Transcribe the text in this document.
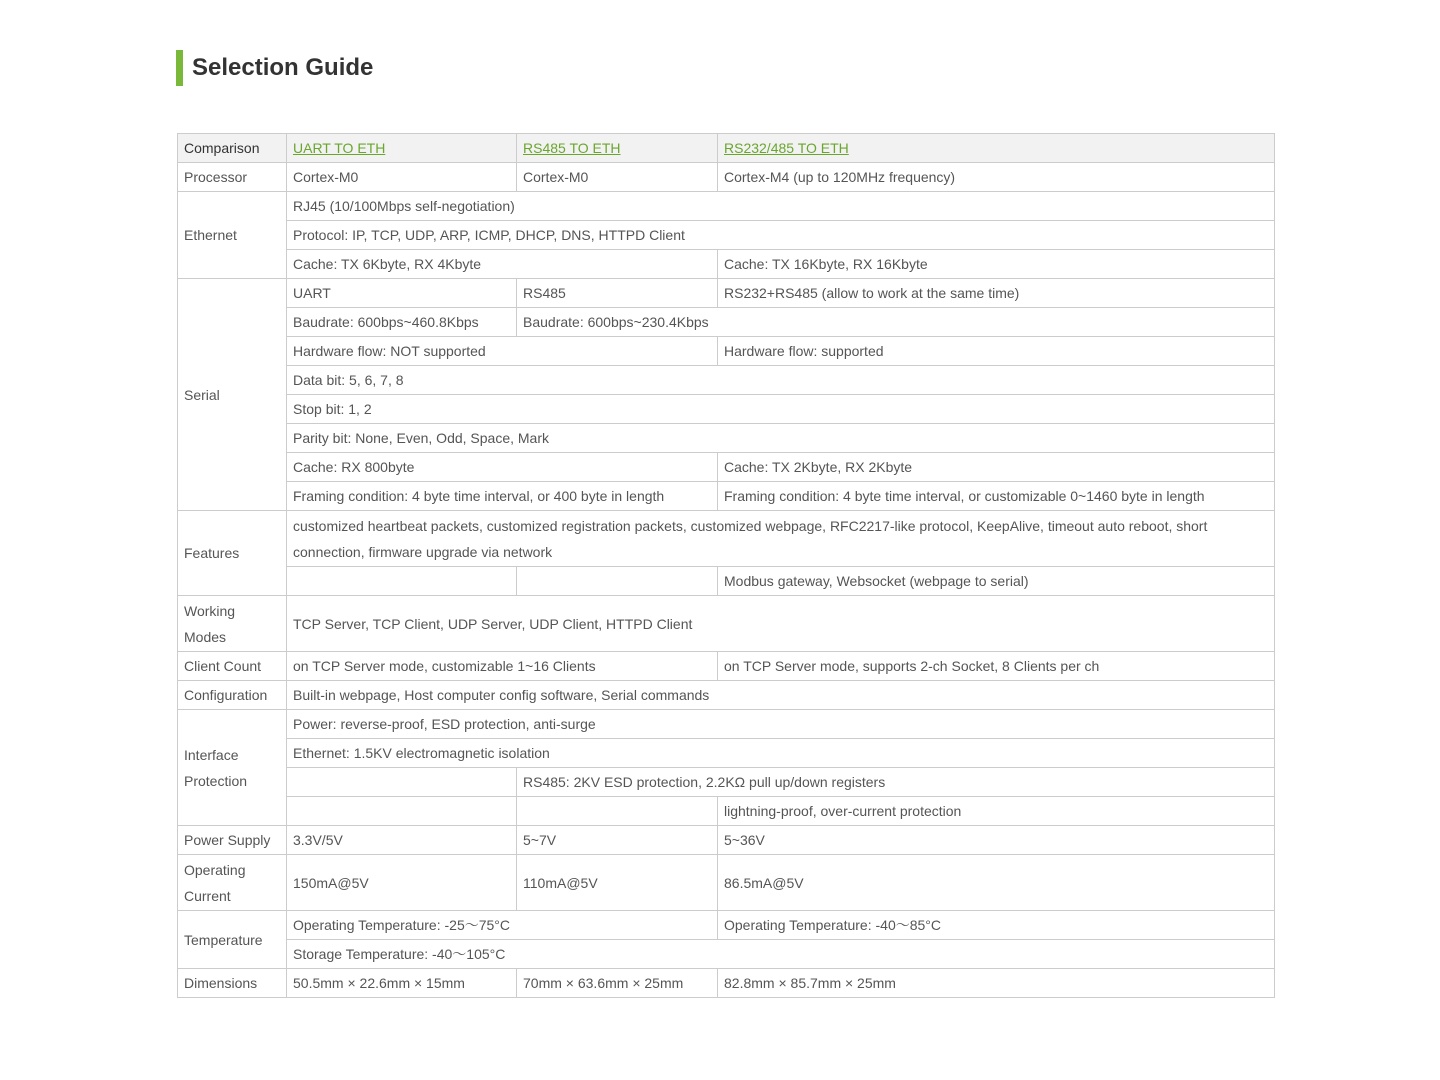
Selection Guide
Comparison	UART TO ETH	RS485 TO ETH	RS232/485 TO ETH
Processor	Cortex-M0	Cortex-M0	Cortex-M4 (up to 120MHz frequency)
Ethernet	RJ45 (10/100Mbps self-negotiation)		
	Protocol: IP, TCP, UDP, ARP, ICMP, DHCP, DNS, HTTPD Client		
	Cache: TX 6Kbyte, RX 4Kbyte		Cache: TX 16Kbyte, RX 16Kbyte
Serial	UART	RS485	RS232+RS485 (allow to work at the same time)
	Baudrate: 600bps~460.8Kbps	Baudrate: 600bps~230.4Kbps	
	Hardware flow: NOT supported		Hardware flow: supported
	Data bit: 5, 6, 7, 8		
	Stop bit: 1, 2		
	Parity bit: None, Even, Odd, Space, Mark		
	Cache: RX 800byte		Cache: TX 2Kbyte, RX 2Kbyte
	Framing condition: 4 byte time interval, or 400 byte in length		Framing condition: 4 byte time interval, or customizable 0~1460 byte in length
Features	customized heartbeat packets, customized registration packets, customized webpage, RFC2217-like protocol, KeepAlive, timeout auto reboot, short connection, firmware upgrade via network		
			Modbus gateway, Websocket (webpage to serial)
Working Modes	TCP Server, TCP Client, UDP Server, UDP Client, HTTPD Client		
Client Count	on TCP Server mode, customizable 1~16 Clients		on TCP Server mode, supports 2-ch Socket, 8 Clients per ch
Configuration	Built-in webpage, Host computer config software, Serial commands		
Interface Protection	Power: reverse-proof, ESD protection, anti-surge		
	Ethernet: 1.5KV electromagnetic isolation		
		RS485: 2KV ESD protection, 2.2KΩ pull up/down registers	
			lightning-proof, over-current protection
Power Supply	3.3V/5V	5~7V	5~36V
Operating Current	150mA@5V	110mA@5V	86.5mA@5V
Temperature	Operating Temperature: -25～75°C		Operating Temperature: -40～85°C
	Storage Temperature: -40～105°C		
Dimensions	50.5mm × 22.6mm × 15mm	70mm × 63.6mm × 25mm	82.8mm × 85.7mm × 25mm
